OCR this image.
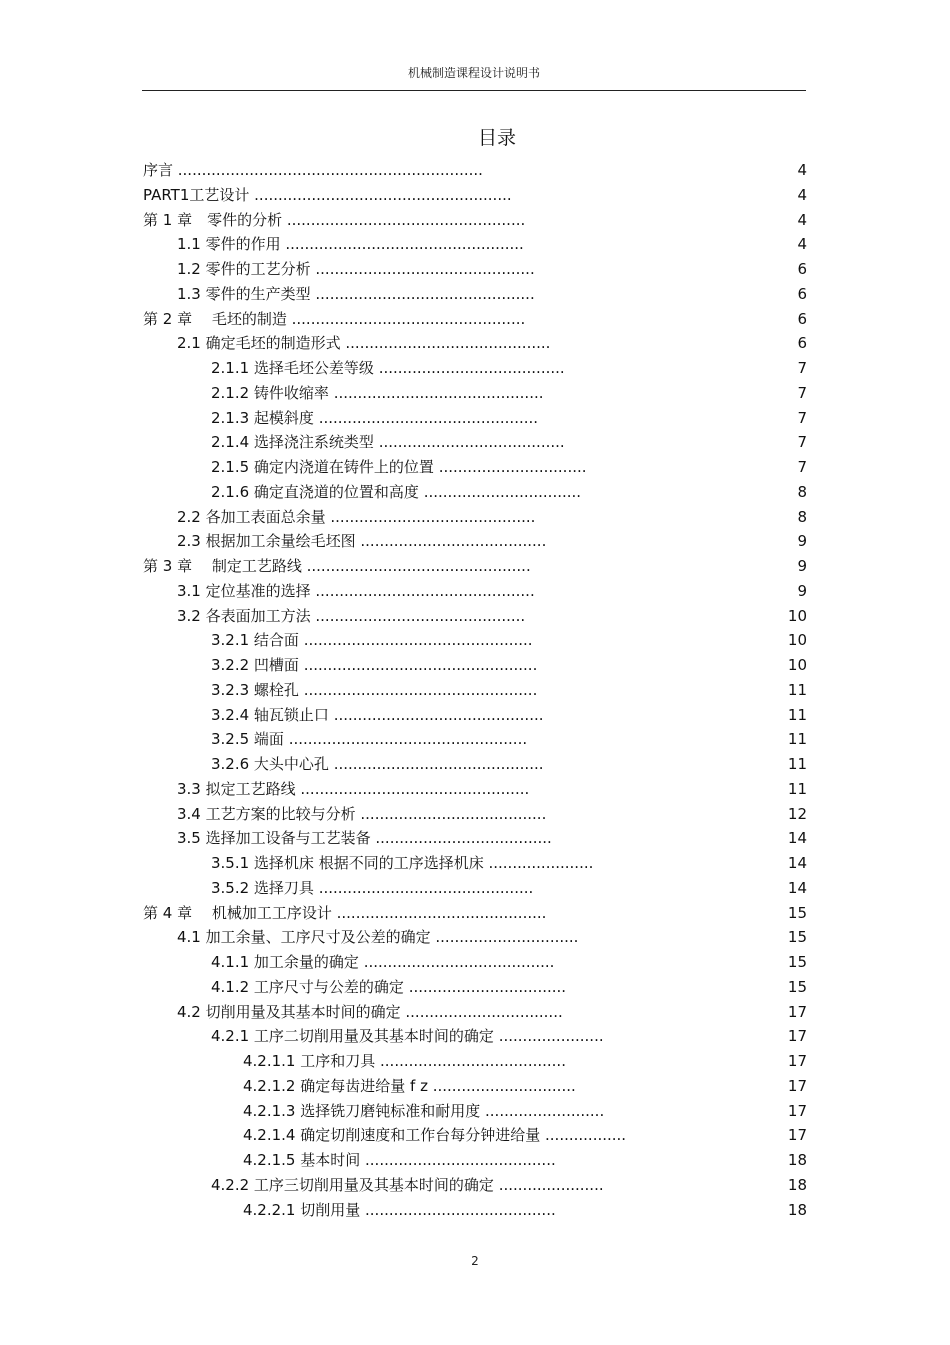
机械制造课程设计说明书
目录
序言 ................................................................	4
PART1工艺设计 ......................................................	4
第 1 章　零件的分析 ..................................................	4
1.1 零件的作用 ..................................................	4
1.2 零件的工艺分析 ..............................................	6
1.3 零件的生产类型 ..............................................	6
第 2 章　 毛坯的制造 .................................................	6
2.1 确定毛坯的制造形式 ...........................................	6
2.1.1 选择毛坯公差等级 .......................................	7
2.1.2 铸件收缩率 ............................................	7
2.1.3 起模斜度 ..............................................	7
2.1.4 选择浇注系统类型 .......................................	7
2.1.5 确定内浇道在铸件上的位置 ...............................	7
2.1.6 确定直浇道的位置和高度 .................................	8
2.2 各加工表面总余量 ...........................................	8
2.3 根据加工余量绘毛坯图 .......................................	9
第 3 章　 制定工艺路线 ...............................................	9
3.1 定位基准的选择 ..............................................	9
3.2 各表面加工方法 ............................................	10
3.2.1 结合面 ................................................	10
3.2.2 凹槽面 .................................................	10
3.2.3 螺栓孔 .................................................	11
3.2.4 轴瓦锁止口 ............................................	11
3.2.5 端面 ..................................................	11
3.2.6 大头中心孔 ............................................	11
3.3 拟定工艺路线 ................................................	11
3.4 工艺方案的比较与分析 .......................................	12
3.5 选择加工设备与工艺装备 .....................................	14
3.5.1 选择机床 根据不同的工序选择机床 ......................	14
3.5.2 选择刀具 .............................................	14
第 4 章　 机械加工工序设计 ............................................	15
4.1 加工余量、工序尺寸及公差的确定 ..............................	15
4.1.1 加工余量的确定 ........................................	15
4.1.2 工序尺寸与公差的确定 .................................	15
4.2 切削用量及其基本时间的确定 .................................	17
4.2.1 工序二切削用量及其基本时间的确定 ......................	17
4.2.1.1 工序和刀具 .......................................	17
4.2.1.2 确定每齿进给量 f z ..............................	17
4.2.1.3 选择铣刀磨钝标准和耐用度 .........................	17
4.2.1.4 确定切削速度和工作台每分钟进给量 .................	17
4.2.1.5 基本时间 ........................................	18
4.2.2 工序三切削用量及其基本时间的确定 ......................	18
4.2.2.1 切削用量 ........................................	18
2
